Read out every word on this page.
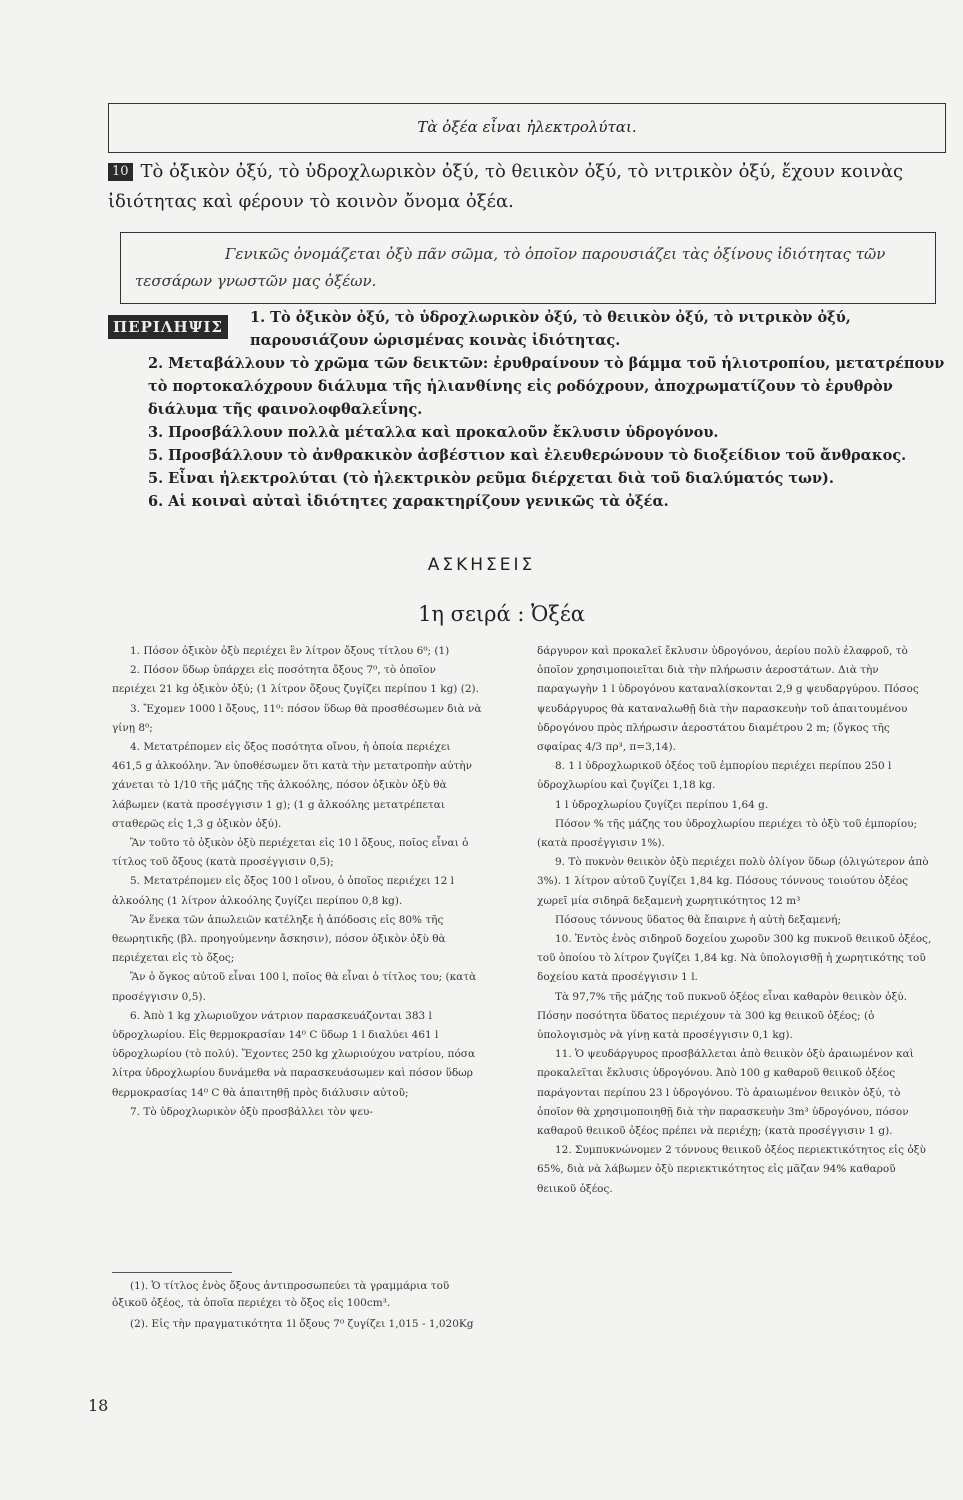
Τὰ ὀξέα εἶναι ἠλεκτρολύται.
10 Τὸ ὀξικὸν ὀξύ, τὸ ὑδροχλωρικὸν ὀξύ, τὸ θειικὸν ὀξύ, τὸ νιτρικὸν ὀξύ, ἔχουν κοινὰς ἰδιότητας καὶ φέρουν τὸ κοινὸν ὄνομα ὀξέα.

Γενικῶς ὀνομάζεται ὀξὺ πᾶν σῶμα, τὸ ὁποῖον παρουσιάζει τὰς ὀξίνους ἰδιότητας τῶν τεσσάρων γνωστῶν μας ὀξέων.

ΠΕΡΙΛΗΨΙΣ

1. Τὸ ὀξικὸν ὀξύ, τὸ ὑδροχλωρικὸν ὀξύ, τὸ θειικὸν ὀξύ, τὸ νιτρικὸν ὀξύ, παρουσιάζουν ὡρισμένας κοινὰς ἰδιότητας.

2. Μεταβάλλουν τὸ χρῶμα τῶν δεικτῶν: ἐρυθραίνουν τὸ βάμμα τοῦ ἡλιοτροπίου, μετατρέπουν τὸ πορτοκαλόχρουν διάλυμα τῆς ἡλιανθίνης εἰς ροδόχρουν, ἀποχρωματίζουν τὸ ἐρυθρὸν διάλυμα τῆς φαινολοφθαλεΐνης.

3. Προσβάλλουν πολλὰ μέταλλα καὶ προκαλοῦν ἔκλυσιν ὑδρογόνου.

5. Προσβάλλουν τὸ ἀνθρακικὸν ἀσβέστιον καὶ ἐλευθερώνουν τὸ διοξείδιον τοῦ ἄνθρακος.

5. Εἶναι ἠλεκτρολύται (τὸ ἠλεκτρικὸν ρεῦμα διέρχεται διὰ τοῦ διαλύματός των).

6. Αἱ κοιναὶ αὐταὶ ἰδιότητες χαρακτηρίζουν γενικῶς τὰ ὀξέα.

ΑΣΚΗΣΕΙΣ
1η σειρά : Ὀξέα

1. Πόσον ὀξικὸν ὀξὺ περιέχει ἓν λίτρον ὄξους τίτλου 6⁰; (1)

2. Πόσον ὕδωρ ὑπάρχει εἰς ποσότητα ὄξους 7⁰, τὸ ὁποῖον περιέχει 21 kg ὀξικὸν ὀξύ; (1 λίτρον ὄξους ζυγίζει περίπου 1 kg) (2).

3. Ἔχομεν 1000 l ὄξους, 11⁰: πόσον ὕδωρ θὰ προσθέσωμεν διὰ νὰ γίνῃ 8⁰;

4. Μετατρέπομεν εἰς ὄξος ποσότητα οἴνου, ἡ ὁποία περιέχει 461,5 g ἀλκοόλην. Ἂν ὑποθέσωμεν ὅτι κατὰ τὴν μετατροπὴν αὐτὴν χάνεται τὸ 1/10 τῆς μάζης τῆς ἀλκοόλης, πόσον ὀξικὸν ὀξὺ θὰ λάβωμεν (κατὰ προσέγγισιν 1 g); (1 g ἀλκοόλης μετατρέπεται σταθερῶς εἰς 1,3 g ὀξικὸν ὀξύ).

Ἂν τοῦτο τὸ ὀξικὸν ὀξὺ περιέχεται εἰς 10 l ὄξους, ποῖος εἶναι ὁ τίτλος τοῦ ὄξους (κατὰ προσέγγισιν 0,5);

5. Μετατρέπομεν εἰς ὄξος 100 l οἴνου, ὁ ὁποῖος περιέχει 12 l ἀλκοόλης (1 λίτρον ἀλκοόλης ζυγίζει περίπου 0,8 kg).

Ἂν ἕνεκα τῶν ἀπωλειῶν κατέληξε ἡ ἀπόδοσις εἰς 80% τῆς θεωρητικῆς (βλ. προηγούμενην ἄσκησιν), πόσον ὀξικὸν ὀξὺ θὰ περιέχεται εἰς τὸ ὄξος;

Ἂν ὁ ὄγκος αὐτοῦ εἶναι 100 l, ποῖος θὰ εἶναι ὁ τίτλος του; (κατὰ προσέγγισιν 0,5).

6. Ἀπὸ 1 kg χλωριοῦχον νάτριον παρασκευάζονται 383 l ὑδροχλωρίου. Εἰς θερμοκρασίαν 14⁰ C ὕδωρ 1 l διαλύει 461 l ὑδροχλωρίου (τὸ πολύ). Ἔχοντες 250 kg χλωριούχου νατρίου, πόσα λίτρα ὑδροχλωρίου δυνάμεθα νὰ παρασκευάσωμεν καὶ πόσον ὕδωρ θερμοκρασίας 14⁰ C θὰ ἀπαιτηθῇ πρὸς διάλυσιν αὐτοῦ;

7. Τὸ ὑδροχλωρικὸν ὀξὺ προσβάλλει τὸν ψευ-

(1). Ὁ τίτλος ἑνὸς ὄξους ἀντιπροσωπεύει τὰ γραμμάρια τοῦ ὀξικοῦ ὀξέος, τὰ ὁποῖα περιέχει τὸ ὄξος εἰς 100cm³.

(2). Εἰς τὴν πραγματικότητα 1l ὄξους 7⁰ ζυγίζει 1,015 - 1,020Kg

δάργυρον καὶ προκαλεῖ ἔκλυσιν ὑδρογόνου, ἀερίου πολὺ ἐλαφροῦ, τὸ ὁποῖον χρησιμοποιεῖται διὰ τὴν πλήρωσιν ἀεροστάτων. Διὰ τὴν παραγωγὴν 1 l ὑδρογόνου καταναλίσκονται 2,9 g ψευδαργύρου. Πόσος ψευδάργυρος θὰ καταναλωθῇ διὰ τὴν παρασκευὴν τοῦ ἀπαιτουμένου ὑδρογόνου πρὸς πλήρωσιν ἀεροστάτου διαμέτρου 2 m; (ὄγκος τῆς σφαίρας 4/3 πρ³, π=3,14).

8. 1 l ὑδροχλωρικοῦ ὀξέος τοῦ ἐμπορίου περιέχει περίπου 250 l ὑδροχλωρίου καὶ ζυγίζει 1,18 kg.

1 l ὑδροχλωρίου ζυγίζει περίπου 1,64 g.

Πόσον % τῆς μάζης του ὑδροχλωρίου περιέχει τὸ ὀξὺ τοῦ ἐμπορίου; (κατὰ προσέγγισιν 1%).

9. Τὸ πυκνὸν θειικὸν ὀξὺ περιέχει πολὺ ὀλίγον ὕδωρ (ὀλιγώτερον ἀπὸ 3%). 1 λίτρον αὐτοῦ ζυγίζει 1,84 kg. Πόσους τόννους τοιούτου ὀξέος χωρεῖ μία σιδηρᾶ δεξαμενὴ χωρητικότητος 12 m³

Πόσους τόννους ὕδατος θὰ ἔπαιρνε ἡ αὐτὴ δεξαμενή;

10. Ἐντὸς ἑνὸς σιδηροῦ δοχείου χωροῦν 300 kg πυκνοῦ θειικοῦ ὀξέος, τοῦ ὁποίου τὸ λίτρον ζυγίζει 1,84 kg. Νὰ ὑπολογισθῇ ἡ χωρητικότης τοῦ δοχείου κατὰ προσέγγισιν 1 l.

Τὰ 97,7% τῆς μάζης τοῦ πυκνοῦ ὀξέος εἶναι καθαρὸν θειικὸν ὀξύ. Πόσην ποσότητα ὕδατος περιέχουν τὰ 300 kg θειικοῦ ὀξέος; (ὁ ὑπολογισμὸς νὰ γίνῃ κατὰ προσέγγισιν 0,1 kg).

11. Ὁ ψευδάργυρος προσβάλλεται ἀπὸ θειικὸν ὀξὺ ἀραιωμένον καὶ προκαλεῖται ἔκλυσις ὑδρογόνου. Ἀπὸ 100 g καθαροῦ θειικοῦ ὀξέος παράγονται περίπου 23 l ὑδρογόνου. Τὸ ἀραιωμένον θειικὸν ὀξύ, τὸ ὁποῖον θὰ χρησιμοποιηθῇ διὰ τὴν παρασκευὴν 3m³ ὑδρογόνου, πόσον καθαροῦ θειικοῦ ὀξέος πρέπει νὰ περιέχῃ; (κατὰ προσέγγισιν 1 g).

12. Συμπυκνώνομεν 2 τόννους θειικοῦ ὀξέος περιεκτικότητος εἰς ὀξὺ 65%, διὰ νὰ λάβωμεν ὀξὺ περιεκτικότητος εἰς μᾶζαν 94% καθαροῦ θειικοῦ ὀξέος.

18
